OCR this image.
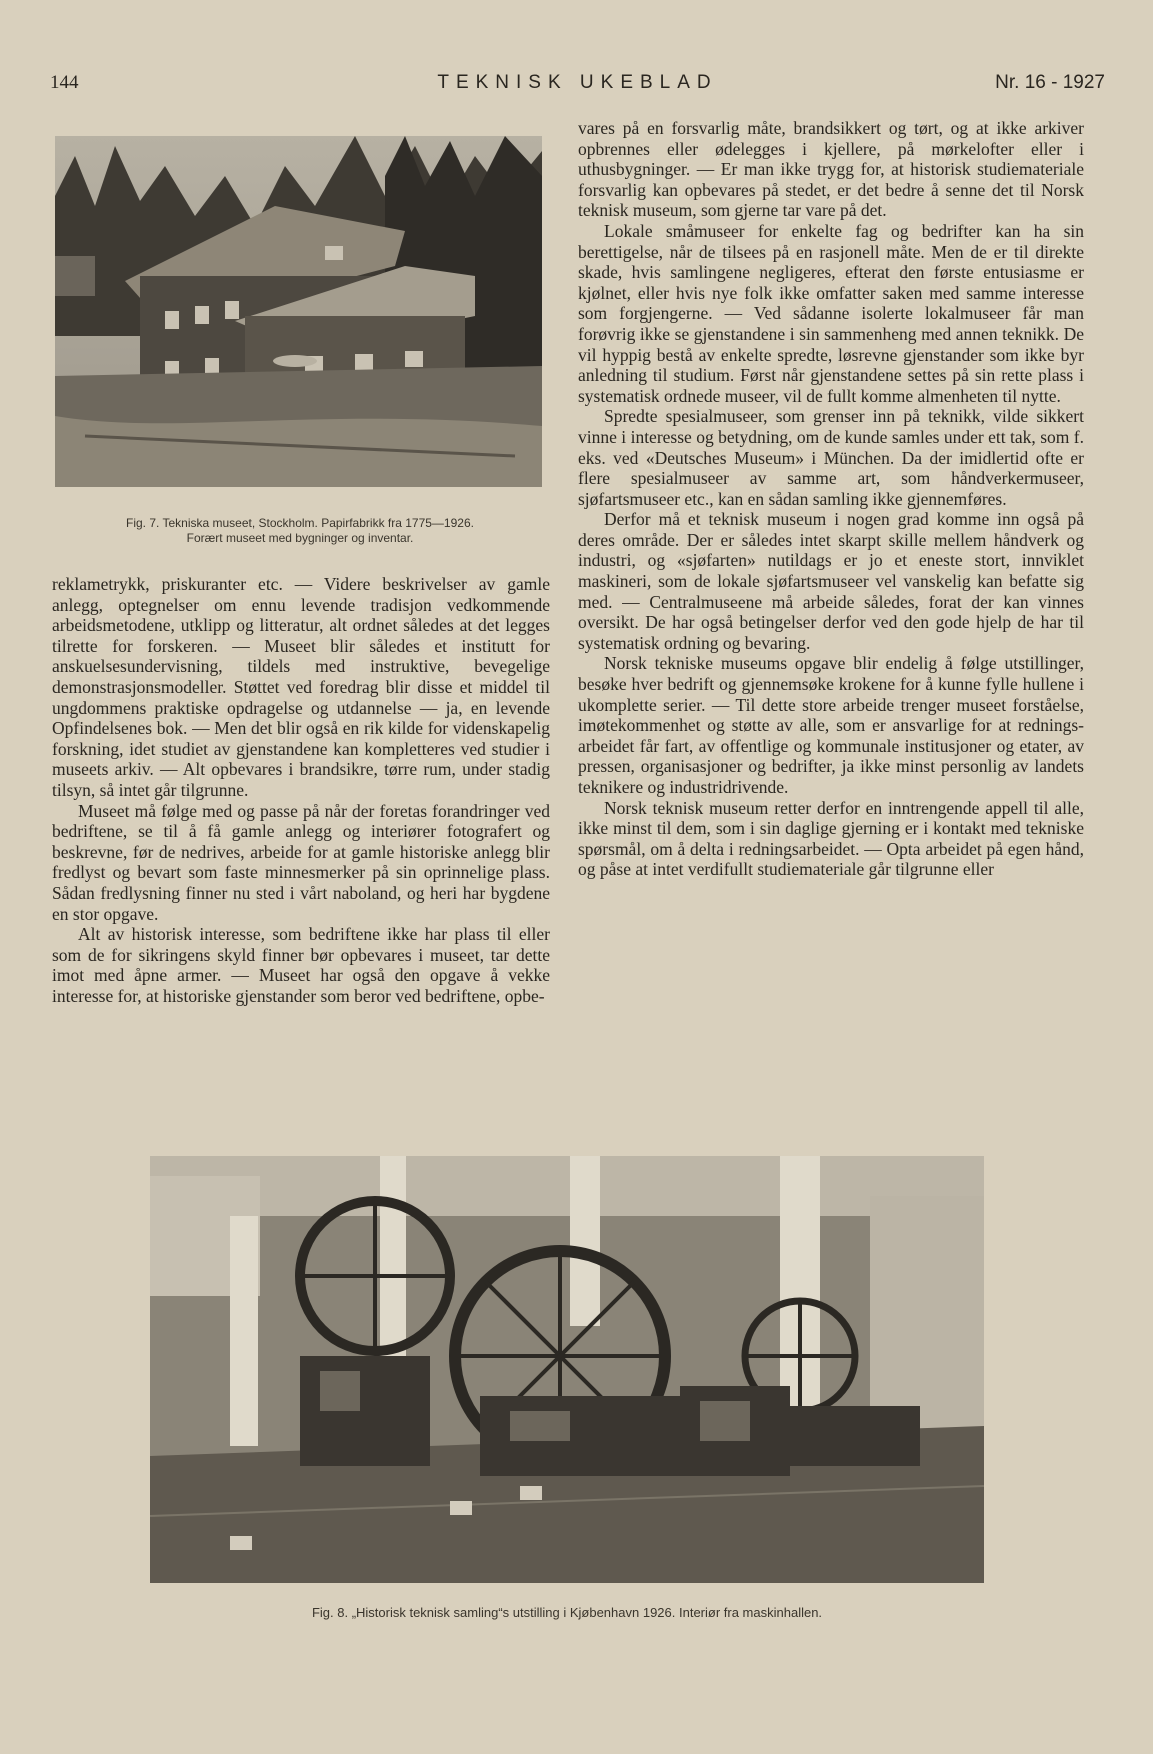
144	TEKNISK UKEBLAD	Nr. 16 - 1927
Fig. 7. Tekniska museet, Stockholm. Papirfabrikk fra 1775—1926.
Forært museet med bygninger og inventar.

reklametrykk, priskuranter etc. — Videre beskrivelser av gamle anlegg, optegnelser om ennu levende tradisjon vedkommende arbeidsmetodene, utklipp og litteratur, alt ordnet således at det legges tilrette for forskeren. — Museet blir således et institutt for anskuelsesundervisning, tildels med instruktive, bevegelige demonstrasjonsmodeller. Støttet ved foredrag blir disse et middel til ungdommens praktiske opdragelse og utdannelse — ja, en levende Opfindelsenes bok. — Men det blir også en rik kilde for videnskapelig forskning, idet studiet av gjenstandene kan kompletteres ved studier i museets arkiv. — Alt opbevares i brandsikre, tørre rum, under stadig tilsyn, så intet går tilgrunne.

Museet må følge med og passe på når der foretas forandringer ved bedriftene, se til å få gamle anlegg og interiører fotografert og beskrevne, før de nedrives, arbeide for at gamle historiske anlegg blir fredlyst og bevart som faste minnesmerker på sin oprinnelige plass. Sådan fredlysning finner nu sted i vårt naboland, og heri har bygdene en stor opgave.

Alt av historisk interesse, som bedriftene ikke har plass til eller som de for sikringens skyld finner bør opbevares i museet, tar dette imot med åpne armer. — Museet har også den opgave å vekke interesse for, at historiske gjenstander som beror ved bedriftene, opbe-

vares på en forsvarlig måte, brandsikkert og tørt, og at ikke arkiver opbrennes eller ødelegges i kjellere, på mørkelofter eller i uthusbygninger. — Er man ikke trygg for, at historisk studiemateriale forsvarlig kan opbevares på stedet, er det bedre å senne det til Norsk teknisk museum, som gjerne tar vare på det.

Lokale småmuseer for enkelte fag og bedrifter kan ha sin berettigelse, når de tilsees på en rasjonell måte. Men de er til direkte skade, hvis samlingene negligeres, efterat den første entusiasme er kjølnet, eller hvis nye folk ikke omfatter saken med samme interesse som forgjengerne. — Ved sådanne isolerte lokalmuseer får man forøvrig ikke se gjenstandene i sin sammenheng med annen teknikk. De vil hyppig bestå av enkelte spredte, løsrevne gjenstander som ikke byr anledning til studium. Først når gjenstandene settes på sin rette plass i systematisk ordnede museer, vil de fullt komme almenheten til nytte.

Spredte spesialmuseer, som grenser inn på teknikk, vilde sikkert vinne i interesse og betydning, om de kunde samles under ett tak, som f. eks. ved «Deutsches Museum» i München. Da der imidlertid ofte er flere spesialmuseer av samme art, som håndverkermuseer, sjøfartsmuseer etc., kan en sådan samling ikke gjennemføres.

Derfor må et teknisk museum i nogen grad komme inn også på deres område. Der er således intet skarpt skille mellem håndverk og industri, og «sjøfarten» nutildags er jo et eneste stort, innviklet maskineri, som de lokale sjøfartsmuseer vel vanskelig kan befatte sig med. — Centralmuseene må arbeide således, forat der kan vinnes oversikt. De har også betingelser derfor ved den gode hjelp de har til systematisk ordning og bevaring.

Norsk tekniske museums opgave blir endelig å følge utstillinger, besøke hver bedrift og gjennemsøke krokene for å kunne fylle hullene i ukomplette serier. — Til dette store arbeide trenger museet forståelse, imøtekommenhet og støtte av alle, som er ansvarlige for at redningsarbeidet får fart, av offentlige og kommunale institusjoner og etater, av pressen, organisasjoner og bedrifter, ja ikke minst personlig av landets teknikere og industridrivende.

Norsk teknisk museum retter derfor en inntrengende appell til alle, ikke minst til dem, som i sin daglige gjerning er i kontakt med tekniske spørsmål, om å delta i redningsarbeidet. — Opta arbeidet på egen hånd, og påse at intet verdifullt studiemateriale går tilgrunne eller

Fig. 8. „Historisk teknisk samling“s utstilling i Kjøbenhavn 1926. Interiør fra maskinhallen.
